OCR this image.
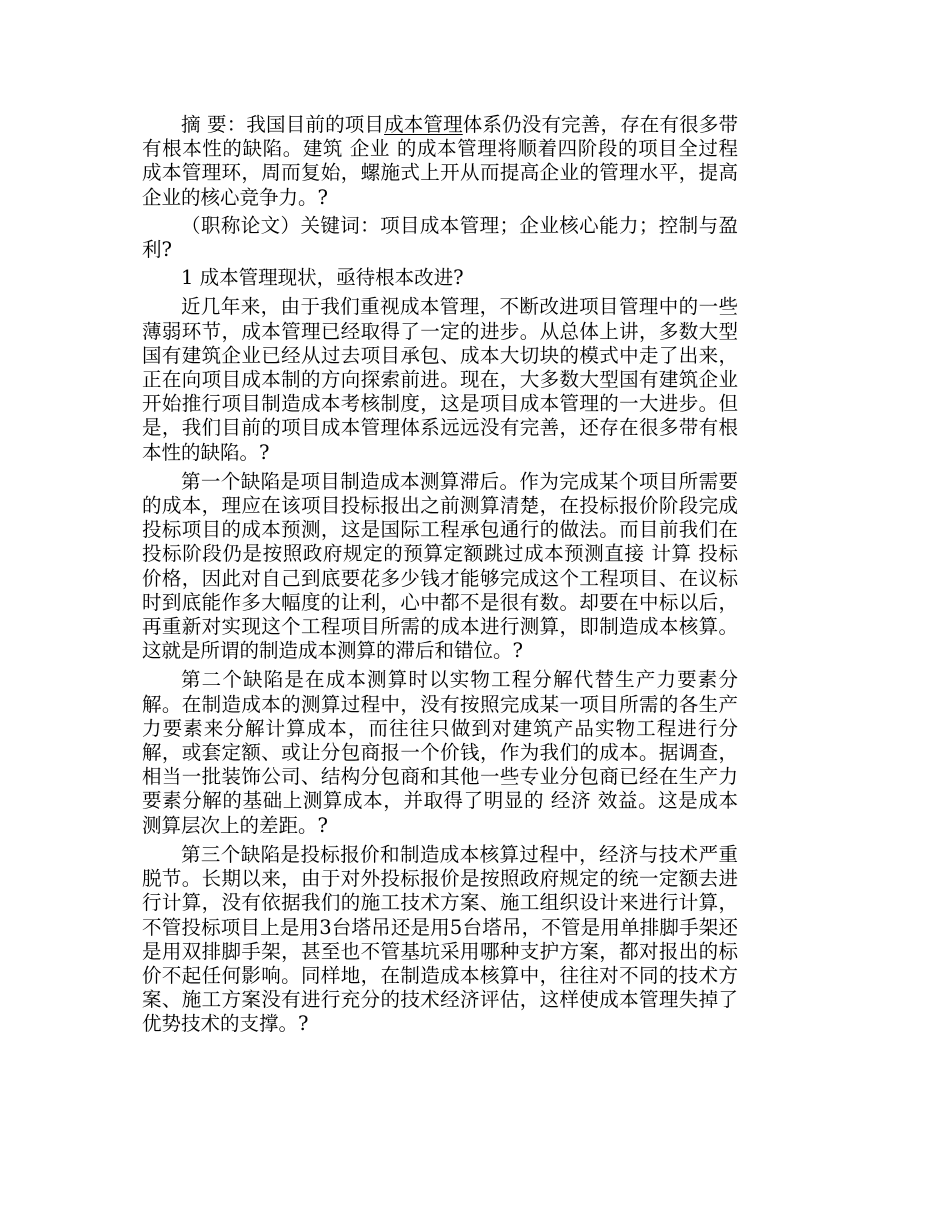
摘 要：我国目前的项目成本管理体系仍没有完善，存在有很多带有根本性的缺陷。建筑 企业 的成本管理将顺着四阶段的项目全过程成本管理环，周而复始，螺施式上开从而提高企业的管理水平，提高企业的核心竞争力。?

（职称论文）关键词：项目成本管理；企业核心能力；控制与盈利?

1 成本管理现状，亟待根本改进?

近几年来，由于我们重视成本管理，不断改进项目管理中的一些薄弱环节，成本管理已经取得了一定的进步。从总体上讲，多数大型国有建筑企业已经从过去项目承包、成本大切块的模式中走了出来，正在向项目成本制的方向探索前进。现在，大多数大型国有建筑企业开始推行项目制造成本考核制度，这是项目成本管理的一大进步。但是，我们目前的项目成本管理体系远远没有完善，还存在很多带有根本性的缺陷。?

第一个缺陷是项目制造成本测算滞后。作为完成某个项目所需要的成本，理应在该项目投标报出之前测算清楚，在投标报价阶段完成投标项目的成本预测，这是国际工程承包通行的做法。而目前我们在投标阶段仍是按照政府规定的预算定额跳过成本预测直接 计算 投标价格，因此对自己到底要花多少钱才能够完成这个工程项目、在议标时到底能作多大幅度的让利，心中都不是很有数。却要在中标以后，再重新对实现这个工程项目所需的成本进行测算，即制造成本核算。这就是所谓的制造成本测算的滞后和错位。?

第二个缺陷是在成本测算时以实物工程分解代替生产力要素分解。在制造成本的测算过程中，没有按照完成某一项目所需的各生产力要素来分解计算成本，而往往只做到对建筑产品实物工程进行分解，或套定额、或让分包商报一个价钱，作为我们的成本。据调查，相当一批装饰公司、结构分包商和其他一些专业分包商已经在生产力要素分解的基础上测算成本，并取得了明显的 经济 效益。这是成本测算层次上的差距。?

第三个缺陷是投标报价和制造成本核算过程中，经济与技术严重脱节。长期以来，由于对外投标报价是按照政府规定的统一定额去进行计算，没有依据我们的施工技术方案、施工组织设计来进行计算，不管投标项目上是用3台塔吊还是用5台塔吊，不管是用单排脚手架还是用双排脚手架，甚至也不管基坑采用哪种支护方案，都对报出的标价不起任何影响。同样地，在制造成本核算中，往往对不同的技术方案、施工方案没有进行充分的技术经济评估，这样使成本管理失掉了优势技术的支撑。?
